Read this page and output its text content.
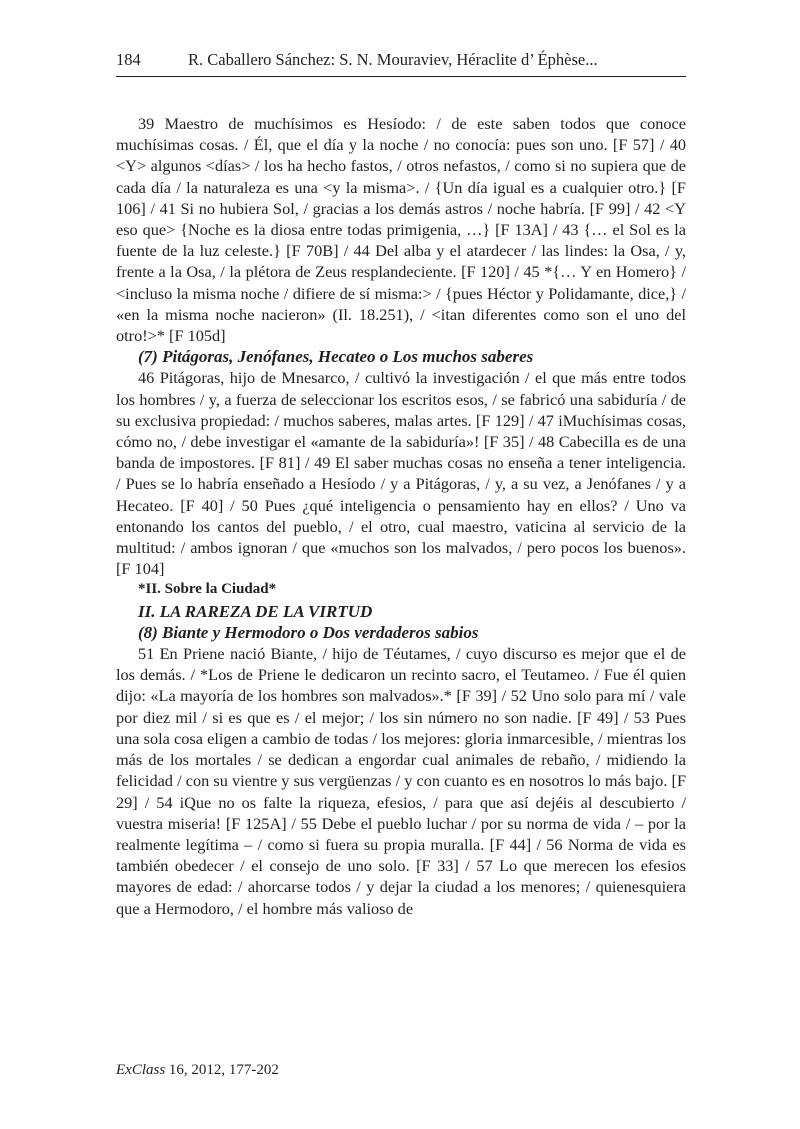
184	R. Caballero Sánchez: S. N. Mouraviev, Héraclite d’ Éphèse...

39 Maestro de muchísimos es Hesíodo: / de este saben todos que conoce muchísimas cosas. / Él, que el día y la noche / no conocía: pues son uno. [F 57] / 40 <Y> algunos <días> / los ha hecho fastos, / otros nefastos, / como si no supiera que de cada día / la naturaleza es una <y la misma>. / {Un día igual es a cualquier otro.} [F 106] / 41 Si no hubiera Sol, / gracias a los demás astros / noche habría. [F 99] / 42 <Y eso que> {Noche es la diosa entre todas primigenia, …} [F 13A] / 43 {… el Sol es la fuente de la luz celeste.} [F 70B] / 44 Del alba y el atardecer / las lindes: la Osa, / y, frente a la Osa, / la plétora de Zeus resplandeciente. [F 120] / 45 *{… Y en Homero} / <incluso la misma noche / difiere de sí misma:> / {pues Héctor y Polidamante, dice,} / «en la misma noche nacieron» (Il. 18.251), / <itan diferentes como son el uno del otro!>* [F 105d]

(7) Pitágoras, Jenófanes, Hecateo o Los muchos saberes

46 Pitágoras, hijo de Mnesarco, / cultivó la investigación / el que más entre todos los hombres / y, a fuerza de seleccionar los escritos esos, / se fabricó una sabiduría / de su exclusiva propiedad: / muchos saberes, malas artes. [F 129] / 47 iMuchísimas cosas, cómo no, / debe investigar el «amante de la sabiduría»! [F 35] / 48 Cabecilla es de una banda de impostores. [F 81] / 49 El saber muchas cosas no enseña a tener inteligencia. / Pues se lo habría enseñado a Hesíodo / y a Pitágoras, / y, a su vez, a Jenófanes / y a Hecateo. [F 40] / 50 Pues ¿qué inteligencia o pensamiento hay en ellos? / Uno va entonando los cantos del pueblo, / el otro, cual maestro, vaticina al servicio de la multitud: / ambos ignoran / que «muchos son los malvados, / pero pocos los buenos». [F 104]

*II. Sobre la Ciudad*
II. LA RAREZA DE LA VIRTUD
(8) Biante y Hermodoro o Dos verdaderos sabios

51 En Priene nació Biante, / hijo de Téutames, / cuyo discurso es mejor que el de los demás. / *Los de Priene le dedicaron un recinto sacro, el Teutameo. / Fue él quien dijo: «La mayoría de los hombres son malvados».* [F 39] / 52 Uno solo para mí / vale por diez mil / si es que es / el mejor; / los sin número no son nadie. [F 49] / 53 Pues una sola cosa eligen a cambio de todas / los mejores: gloria inmarcesible, / mientras los más de los mortales / se dedican a engordar cual animales de rebaño, / midiendo la felicidad / con su vientre y sus vergüenzas / y con cuanto es en nosotros lo más bajo. [F 29] / 54 iQue no os falte la riqueza, efesios, / para que así dejéis al descubierto / vuestra miseria! [F 125A] / 55 Debe el pueblo luchar / por su norma de vida / – por la realmente legítima – / como si fuera su propia muralla. [F 44] / 56 Norma de vida es también obedecer / el consejo de uno solo. [F 33] / 57 Lo que merecen los efesios mayores de edad: / ahorcarse todos / y dejar la ciudad a los menores; / quienesquiera que a Hermodoro, / el hombre más valioso de

ExClass 16, 2012, 177-202
